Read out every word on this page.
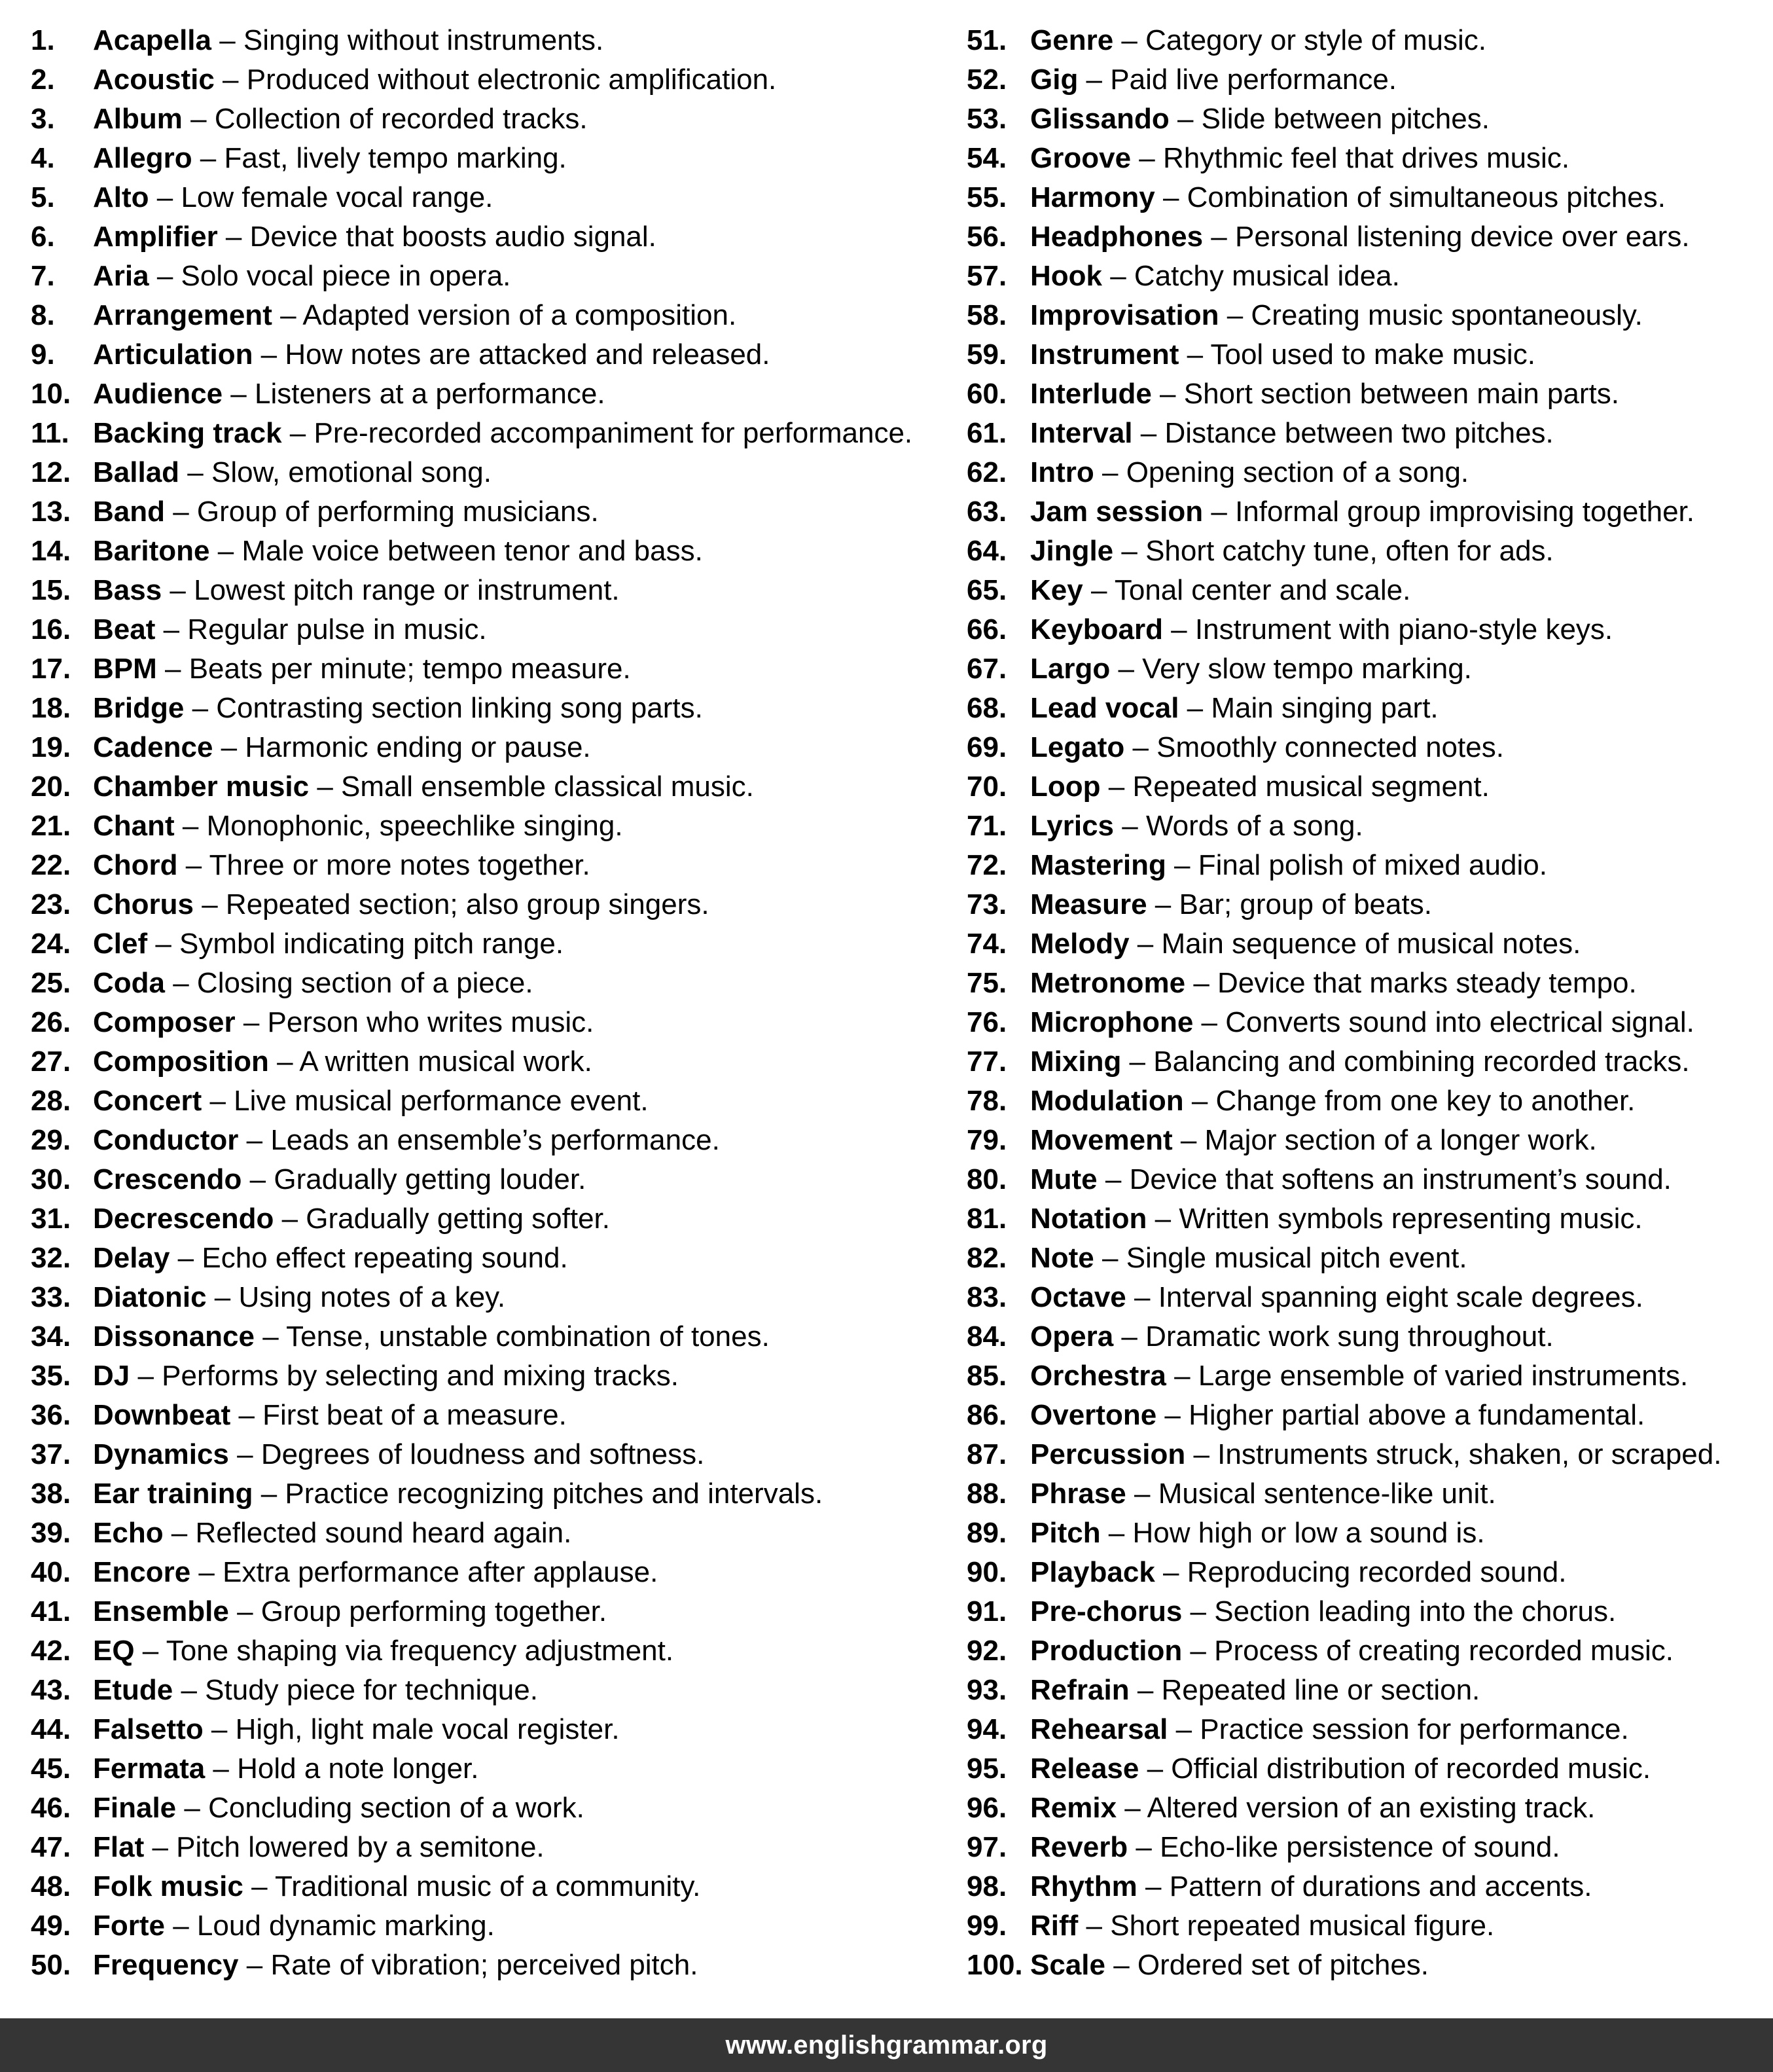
1. Acapella – Singing without instruments.
2. Acoustic – Produced without electronic amplification.
3. Album – Collection of recorded tracks.
4. Allegro – Fast, lively tempo marking.
5. Alto – Low female vocal range.
6. Amplifier – Device that boosts audio signal.
7. Aria – Solo vocal piece in opera.
8. Arrangement – Adapted version of a composition.
9. Articulation – How notes are attacked and released.
10. Audience – Listeners at a performance.
11. Backing track – Pre-recorded accompaniment for performance.
12. Ballad – Slow, emotional song.
13. Band – Group of performing musicians.
14. Baritone – Male voice between tenor and bass.
15. Bass – Lowest pitch range or instrument.
16. Beat – Regular pulse in music.
17. BPM – Beats per minute; tempo measure.
18. Bridge – Contrasting section linking song parts.
19. Cadence – Harmonic ending or pause.
20. Chamber music – Small ensemble classical music.
21. Chant – Monophonic, speechlike singing.
22. Chord – Three or more notes together.
23. Chorus – Repeated section; also group singers.
24. Clef – Symbol indicating pitch range.
25. Coda – Closing section of a piece.
26. Composer – Person who writes music.
27. Composition – A written musical work.
28. Concert – Live musical performance event.
29. Conductor – Leads an ensemble’s performance.
30. Crescendo – Gradually getting louder.
31. Decrescendo – Gradually getting softer.
32. Delay – Echo effect repeating sound.
33. Diatonic – Using notes of a key.
34. Dissonance – Tense, unstable combination of tones.
35. DJ – Performs by selecting and mixing tracks.
36. Downbeat – First beat of a measure.
37. Dynamics – Degrees of loudness and softness.
38. Ear training – Practice recognizing pitches and intervals.
39. Echo – Reflected sound heard again.
40. Encore – Extra performance after applause.
41. Ensemble – Group performing together.
42. EQ – Tone shaping via frequency adjustment.
43. Etude – Study piece for technique.
44. Falsetto – High, light male vocal register.
45. Fermata – Hold a note longer.
46. Finale – Concluding section of a work.
47. Flat – Pitch lowered by a semitone.
48. Folk music – Traditional music of a community.
49. Forte – Loud dynamic marking.
50. Frequency – Rate of vibration; perceived pitch.
51. Genre – Category or style of music.
52. Gig – Paid live performance.
53. Glissando – Slide between pitches.
54. Groove – Rhythmic feel that drives music.
55. Harmony – Combination of simultaneous pitches.
56. Headphones – Personal listening device over ears.
57. Hook – Catchy musical idea.
58. Improvisation – Creating music spontaneously.
59. Instrument – Tool used to make music.
60. Interlude – Short section between main parts.
61. Interval – Distance between two pitches.
62. Intro – Opening section of a song.
63. Jam session – Informal group improvising together.
64. Jingle – Short catchy tune, often for ads.
65. Key – Tonal center and scale.
66. Keyboard – Instrument with piano-style keys.
67. Largo – Very slow tempo marking.
68. Lead vocal – Main singing part.
69. Legato – Smoothly connected notes.
70. Loop – Repeated musical segment.
71. Lyrics – Words of a song.
72. Mastering – Final polish of mixed audio.
73. Measure – Bar; group of beats.
74. Melody – Main sequence of musical notes.
75. Metronome – Device that marks steady tempo.
76. Microphone – Converts sound into electrical signal.
77. Mixing – Balancing and combining recorded tracks.
78. Modulation – Change from one key to another.
79. Movement – Major section of a longer work.
80. Mute – Device that softens an instrument’s sound.
81. Notation – Written symbols representing music.
82. Note – Single musical pitch event.
83. Octave – Interval spanning eight scale degrees.
84. Opera – Dramatic work sung throughout.
85. Orchestra – Large ensemble of varied instruments.
86. Overtone – Higher partial above a fundamental.
87. Percussion – Instruments struck, shaken, or scraped.
88. Phrase – Musical sentence-like unit.
89. Pitch – How high or low a sound is.
90. Playback – Reproducing recorded sound.
91. Pre-chorus – Section leading into the chorus.
92. Production – Process of creating recorded music.
93. Refrain – Repeated line or section.
94. Rehearsal – Practice session for performance.
95. Release – Official distribution of recorded music.
96. Remix – Altered version of an existing track.
97. Reverb – Echo-like persistence of sound.
98. Rhythm – Pattern of durations and accents.
99. Riff – Short repeated musical figure.
100. Scale – Ordered set of pitches.
www.englishgrammar.org
